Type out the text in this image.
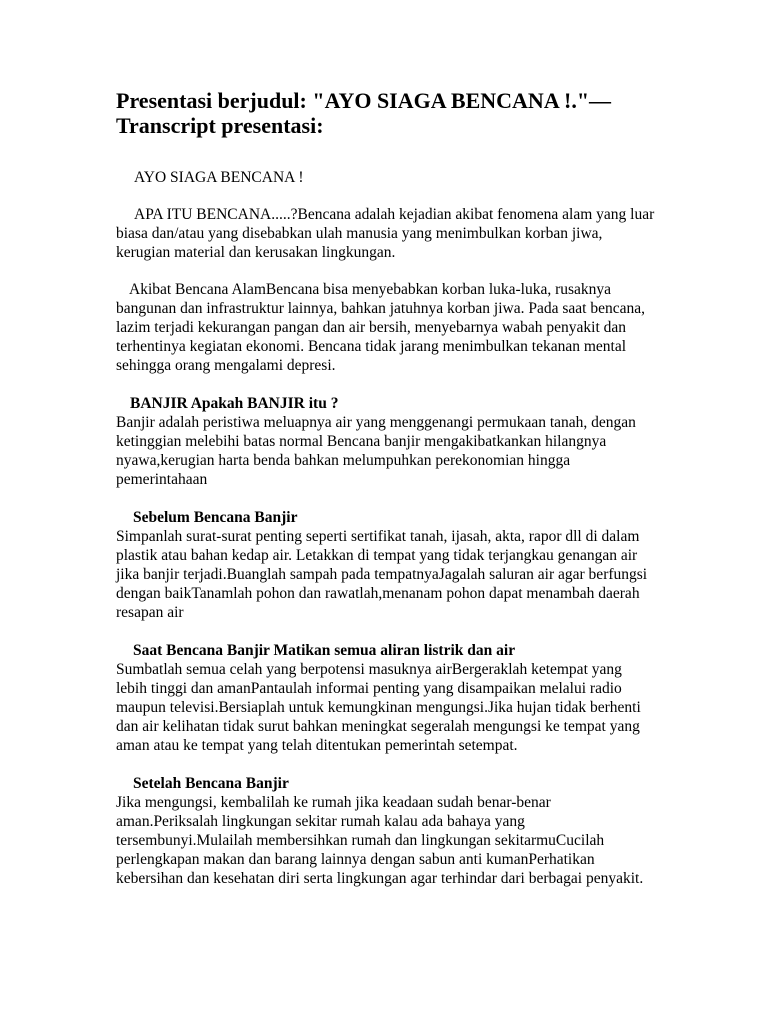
Presentasi berjudul: "AYO SIAGA BENCANA !."— Transcript presentasi:
AYO SIAGA BENCANA !

APA ITU BENCANA.....?Bencana adalah kejadian akibat fenomena alam yang luar biasa dan/atau yang disebabkan ulah manusia yang menimbulkan korban jiwa, kerugian material dan kerusakan lingkungan.

Akibat Bencana AlamBencana bisa menyebabkan korban luka-luka, rusaknya bangunan dan infrastruktur lainnya, bahkan jatuhnya korban jiwa. Pada saat bencana, lazim terjadi kekurangan pangan dan air bersih, menyebarnya wabah penyakit dan terhentinya kegiatan ekonomi. Bencana tidak jarang menimbulkan tekanan mental sehingga orang mengalami depresi.

BANJIR Apakah BANJIR itu ?

Banjir adalah peristiwa meluapnya air yang menggenangi permukaan tanah, dengan ketinggian melebihi batas normal Bencana banjir mengakibatkankan hilangnya nyawa,kerugian harta benda bahkan melumpuhkan perekonomian hingga pemerintahaan

Sebelum Bencana Banjir

Simpanlah surat-surat penting seperti sertifikat tanah, ijasah, akta, rapor dll di dalam plastik atau bahan kedap air. Letakkan di tempat yang tidak terjangkau genangan air jika banjir terjadi.Buanglah sampah pada tempatnyaJagalah saluran air agar berfungsi dengan baikTanamlah pohon dan rawatlah,menanam pohon dapat menambah daerah resapan air

Saat Bencana Banjir Matikan semua aliran listrik dan air

Sumbatlah semua celah yang berpotensi masuknya airBergeraklah ketempat yang lebih tinggi dan amanPantaulah informai penting yang disampaikan melalui radio maupun televisi.Bersiaplah untuk kemungkinan mengungsi.Jika hujan tidak berhenti dan air kelihatan tidak surut bahkan meningkat segeralah mengungsi ke tempat yang aman atau ke tempat yang telah ditentukan pemerintah setempat.

Setelah Bencana Banjir

Jika mengungsi, kembalilah ke rumah jika keadaan sudah benar-benar aman.Periksalah lingkungan sekitar rumah kalau ada bahaya yang tersembunyi.Mulailah membersihkan rumah dan lingkungan sekitarmuCucilah perlengkapan makan dan barang lainnya dengan sabun anti kumanPerhatikan kebersihan dan kesehatan diri serta lingkungan agar terhindar dari berbagai penyakit.
